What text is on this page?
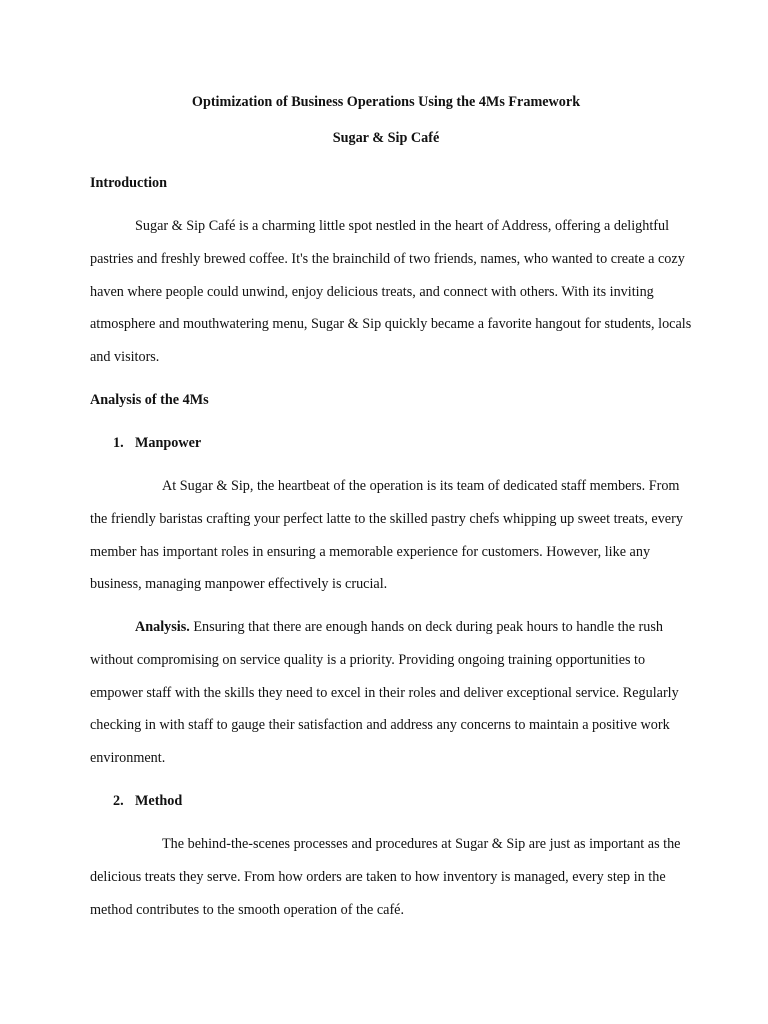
Optimization of Business Operations Using the 4Ms Framework
Sugar & Sip Café
Introduction
Sugar & Sip Café is a charming little spot nestled in the heart of Address, offering a delightful
pastries and freshly brewed coffee. It's the brainchild of two friends, names, who wanted to create a cozy
haven where people could unwind, enjoy delicious treats, and connect with others. With its inviting
atmosphere and mouthwatering menu, Sugar & Sip quickly became a favorite hangout for students, locals
and visitors.
Analysis of the 4Ms
1. Manpower
At Sugar & Sip, the heartbeat of the operation is its team of dedicated staff members. From
the friendly baristas crafting your perfect latte to the skilled pastry chefs whipping up sweet treats, every
member has important roles in ensuring a memorable experience for customers. However, like any
business, managing manpower effectively is crucial.
Analysis. Ensuring that there are enough hands on deck during peak hours to handle the rush
without compromising on service quality is a priority. Providing ongoing training opportunities to
empower staff with the skills they need to excel in their roles and deliver exceptional service. Regularly
checking in with staff to gauge their satisfaction and address any concerns to maintain a positive work
environment.
2. Method
The behind-the-scenes processes and procedures at Sugar & Sip are just as important as the
delicious treats they serve. From how orders are taken to how inventory is managed, every step in the
method contributes to the smooth operation of the café.
